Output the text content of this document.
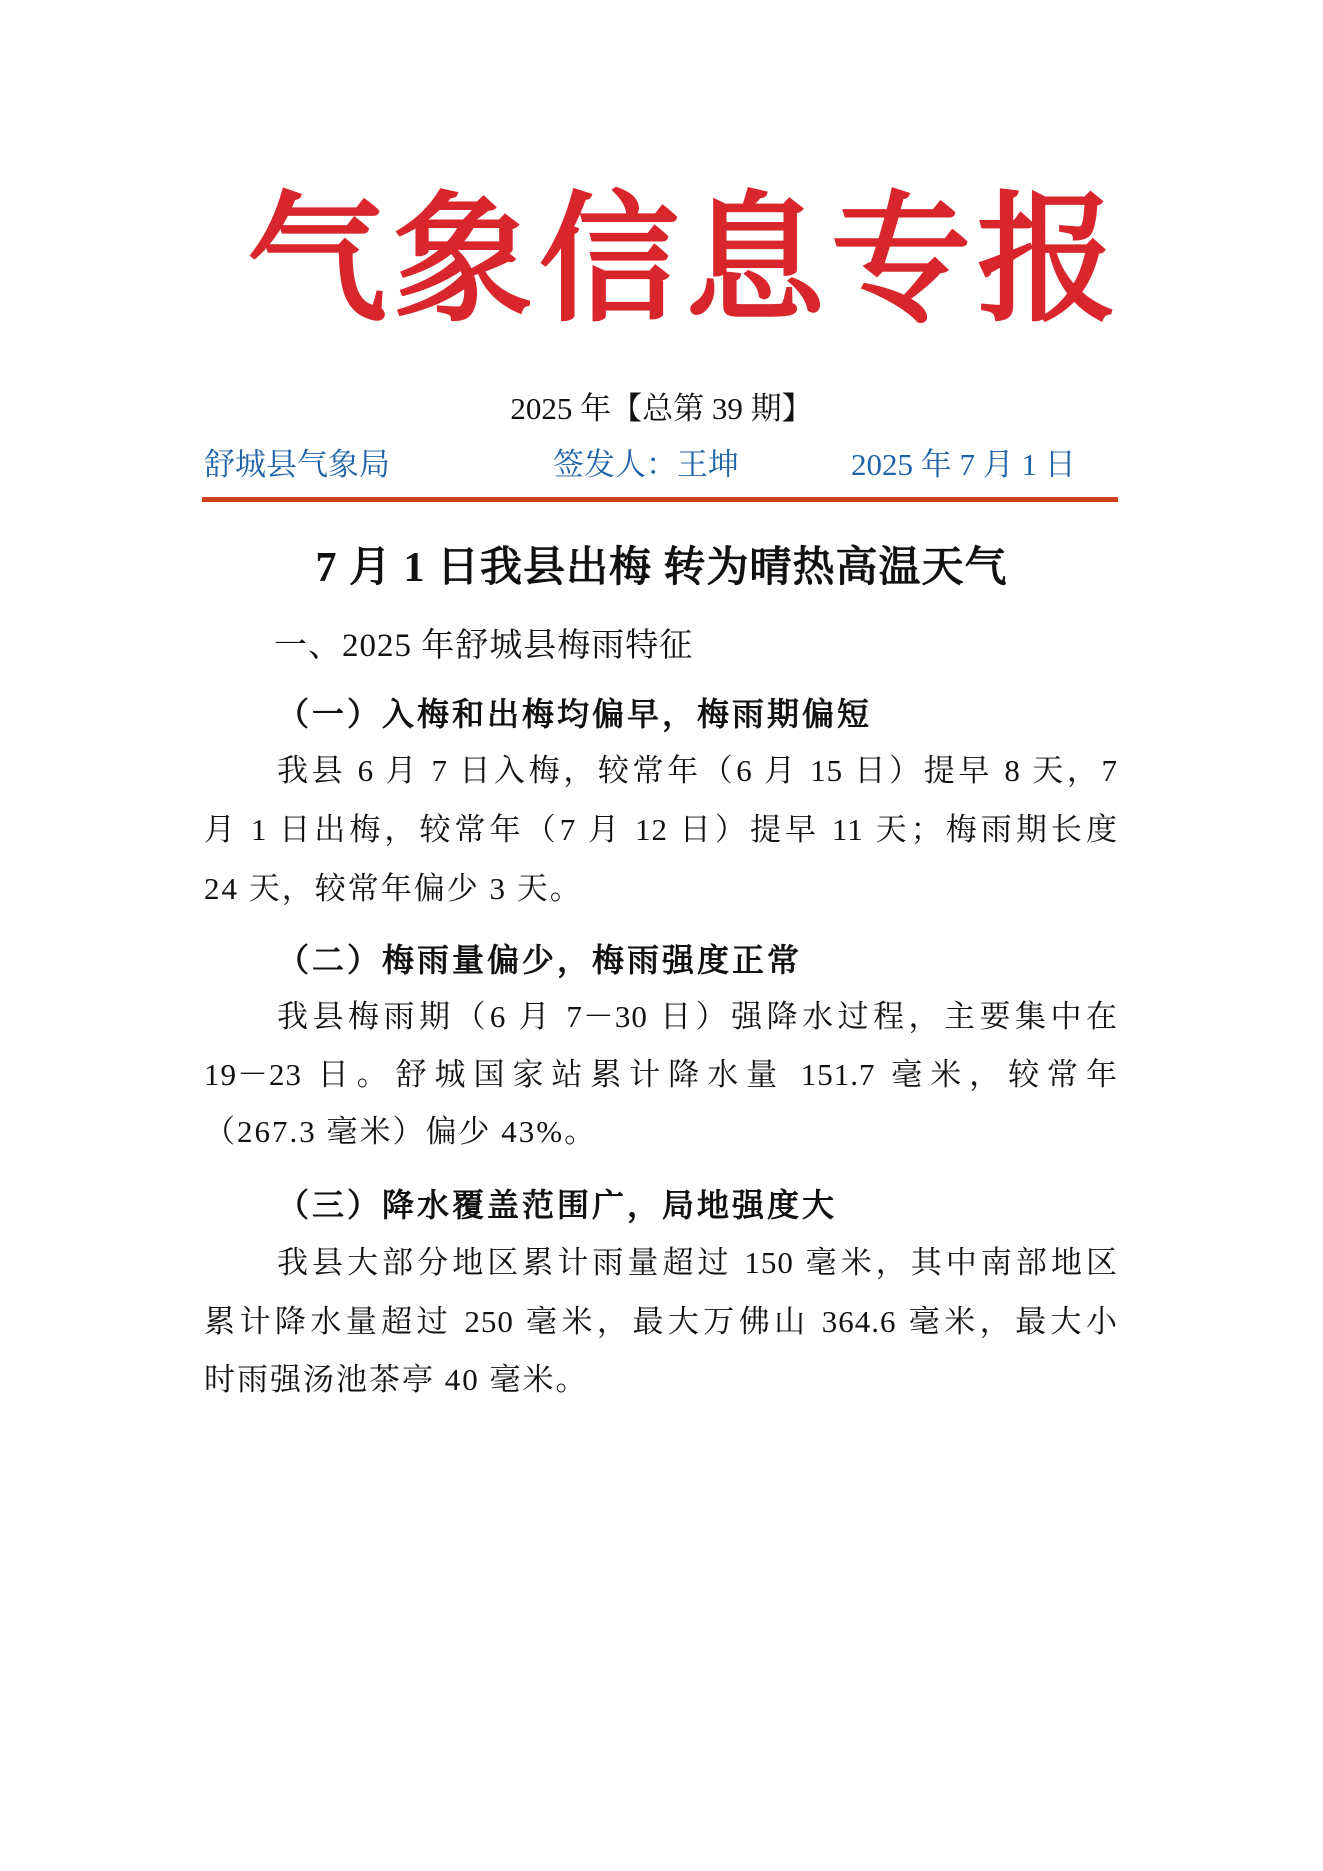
气象信息专报
2025 年【总第 39 期】
舒城县气象局	签发人：王坤	2025 年 7 月 1 日
7 月 1 日我县出梅 转为晴热高温天气
一、2025 年舒城县梅雨特征
（一）入梅和出梅均偏早，梅雨期偏短
我县 6 月 7 日入梅，较常年（6 月 15 日）提早 8 天，7
月 1 日出梅，较常年（7 月 12 日）提早 11 天；梅雨期长度
24 天，较常年偏少 3 天。
（二）梅雨量偏少，梅雨强度正常
我县梅雨期（6 月 7－30 日）强降水过程，主要集中在
19－23 日。舒城国家站累计降水量 151.7 毫米，较常年
（267.3 毫米）偏少 43%。
（三）降水覆盖范围广，局地强度大
我县大部分地区累计雨量超过 150 毫米，其中南部地区
累计降水量超过 250 毫米，最大万佛山 364.6 毫米，最大小
时雨强汤池茶亭 40 毫米。
